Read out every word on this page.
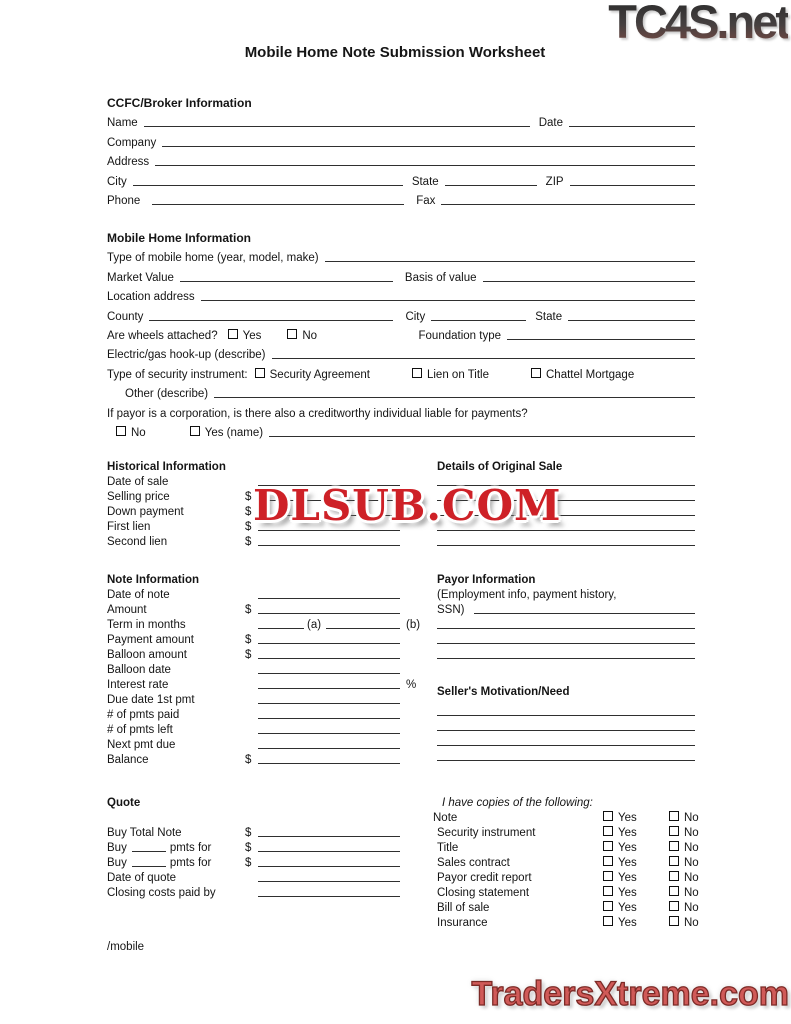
TC4S.net
Mobile Home Note Submission Worksheet
CCFC/Broker Information
Name	Date
Company
Address
City	State	ZIP
Phone	Fax
Mobile Home Information
Type of mobile home (year, model, make)
Market Value	Basis of value
Location address
County	City	State
Are wheels attached?	Yes	No	Foundation type
Electric/gas hook-up (describe)
Type of security instrument:	Security Agreement	Lien on Title	Chattel Mortgage
Other (describe)
If payor is a corporation, is there also a creditworthy individual liable for payments?
No	Yes (name)
Historical Information	Details of Original Sale
Date of sale
Selling price	$
Down payment	$
First lien	$
Second lien	$
Note Information
Date of note
Amount	$
Term in months	(a)	(b)
Payment amount	$
Balloon amount	$
Balloon date
Interest rate	%
Due date 1st pmt
# of pmts paid
# of pmts left
Next pmt due
Balance	$
Payor Information
(Employment info, payment history,
SSN)
Seller's Motivation/Need
Quote
Buy Total Note	$
Buy	pmts for	$
Buy	pmts for	$
Date of quote
Closing costs paid by
I have copies of the following:
Note	Yes	No
Security instrument	Yes	No
Title	Yes	No
Sales contract	Yes	No
Payor credit report	Yes	No
Closing statement	Yes	No
Bill of sale	Yes	No
Insurance	Yes	No
/mobile
DLSUB.COM
TradersXtreme.com
